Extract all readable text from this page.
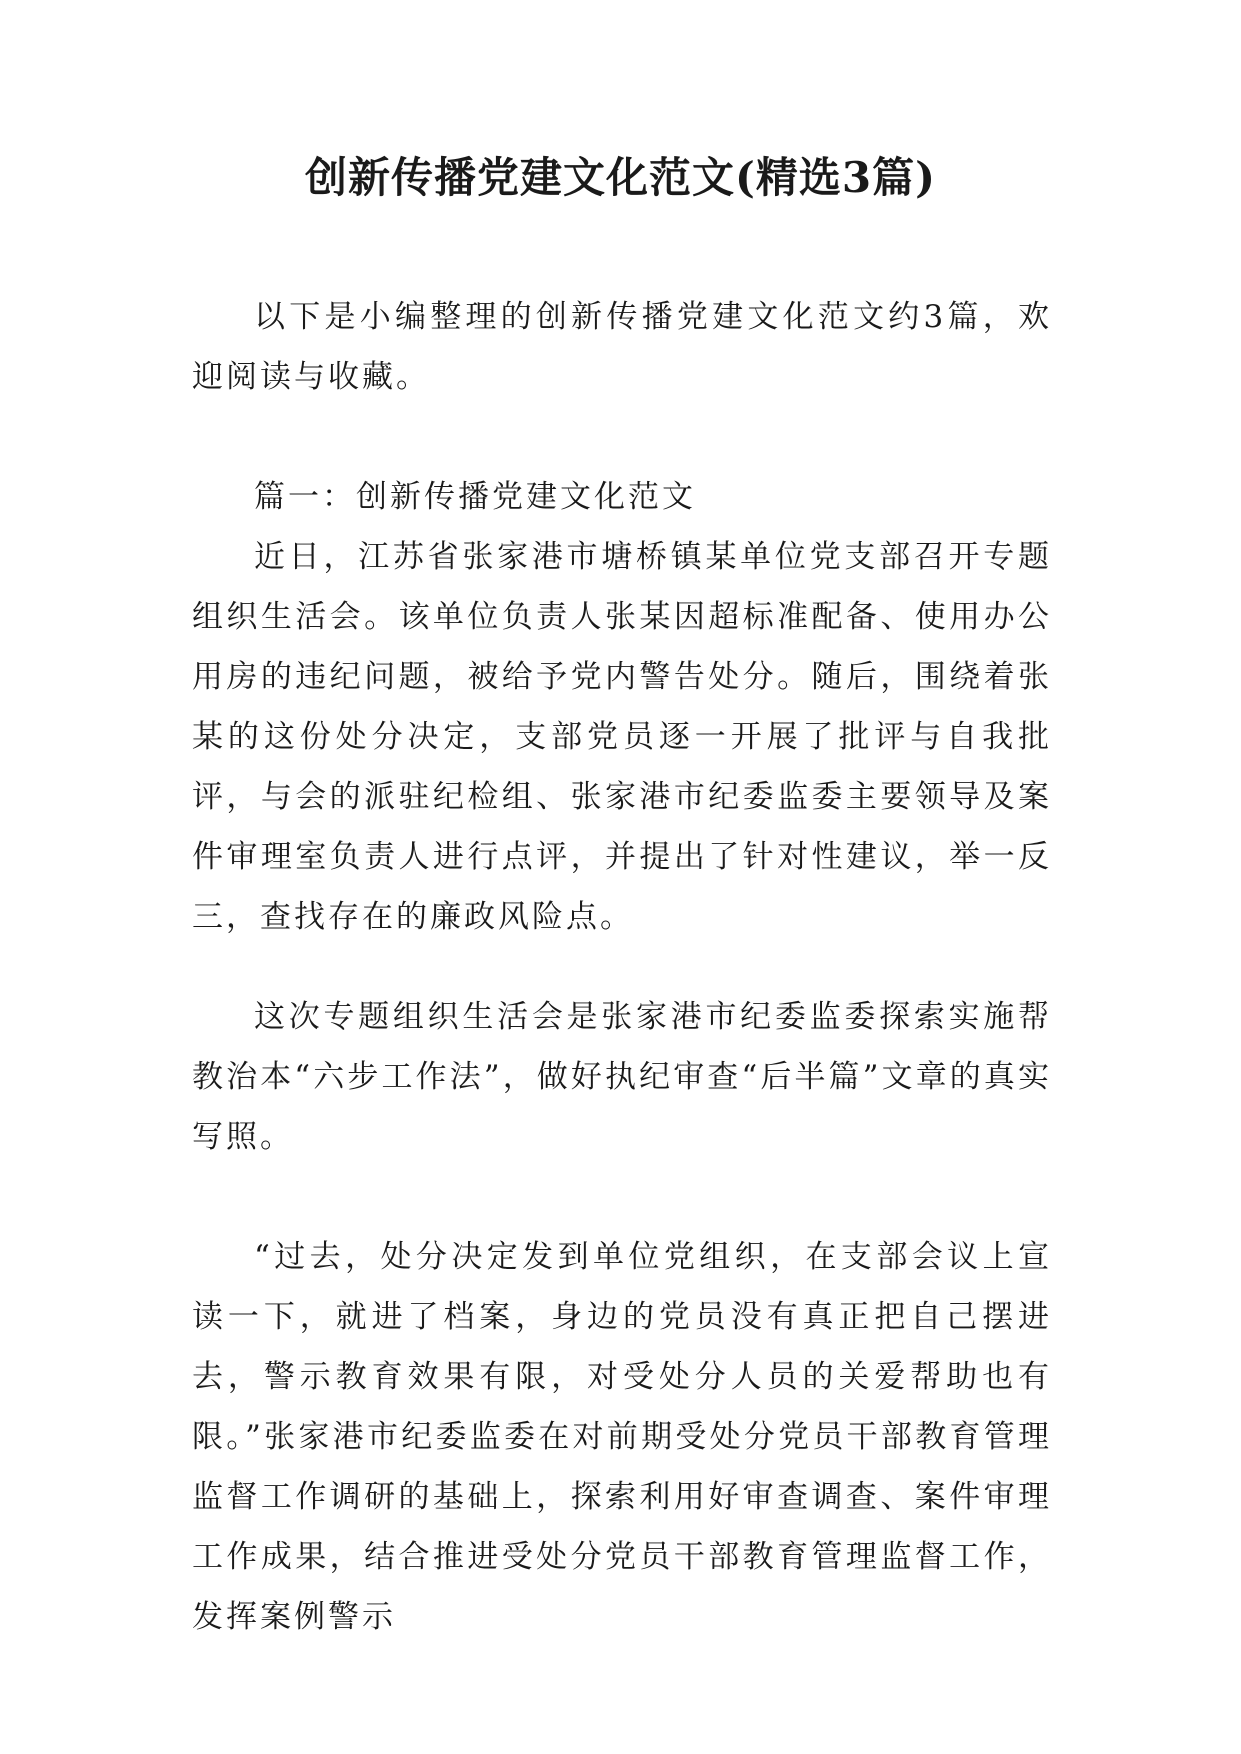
创新传播党建文化范文(精选3篇)

以下是小编整理的创新传播党建文化范文约3篇，欢迎阅读与收藏。

篇一：创新传播党建文化范文

近日，江苏省张家港市塘桥镇某单位党支部召开专题组织生活会。该单位负责人张某因超标准配备、使用办公用房的违纪问题，被给予党内警告处分。随后，围绕着张某的这份处分决定，支部党员逐一开展了批评与自我批评，与会的派驻纪检组、张家港市纪委监委主要领导及案件审理室负责人进行点评，并提出了针对性建议，举一反三，查找存在的廉政风险点。

这次专题组织生活会是张家港市纪委监委探索实施帮教治本“六步工作法”，做好执纪审查“后半篇”文章的真实写照。

“过去，处分决定发到单位党组织，在支部会议上宣读一下，就进了档案，身边的党员没有真正把自己摆进去，警示教育效果有限，对受处分人员的关爱帮助也有限。”张家港市纪委监委在对前期受处分党员干部教育管理监督工作调研的基础上，探索利用好审查调查、案件审理工作成果，结合推进受处分党员干部教育管理监督工作，发挥案例警示
